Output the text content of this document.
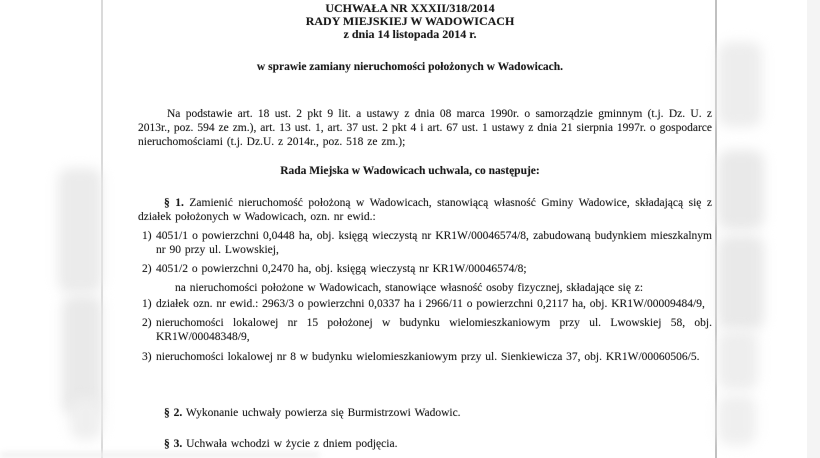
UCHWAŁA NR XXXII/318/2014
RADY MIEJSKIEJ W WADOWICACH
z dnia 14 listopada 2014 r.
w sprawie zamiany nieruchomości położonych w Wadowicach.
Na podstawie art. 18 ust. 2 pkt 9 lit. a ustawy z dnia 08 marca 1990r. o samorządzie gminnym (t.j. Dz. U. z 2013r., poz. 594 ze zm.), art. 13 ust. 1, art. 37 ust. 2 pkt 4 i art. 67 ust. 1 ustawy z dnia 21 sierpnia 1997r. o gospodarce nieruchomościami (t.j. Dz.U. z 2014r., poz. 518 ze zm.);
Rada Miejska w Wadowicach uchwala, co następuje:
§ 1. Zamienić nieruchomość położoną w Wadowicach, stanowiącą własność Gminy Wadowice, składającą się z działek położonych w Wadowicach, ozn. nr ewid.:
1) 4051/1 o powierzchni 0,0448 ha, obj. księgą wieczystą nr KR1W/00046574/8, zabudowaną budynkiem mieszkalnym nr 90 przy ul. Lwowskiej,
2) 4051/2 o powierzchni 0,2470 ha, obj. księgą wieczystą nr KR1W/00046574/8;
na nieruchomości położone w Wadowicach, stanowiące własność osoby fizycznej, składające się z:
1) działek ozn. nr ewid.: 2963/3 o powierzchni 0,0337 ha i 2966/11 o powierzchni 0,2117 ha, obj. KR1W/00009484/9,
2) nieruchomości lokalowej nr 15 położonej w budynku wielomieszkaniowym przy ul. Lwowskiej 58, obj. KR1W/00048348/9,
3) nieruchomości lokalowej nr 8 w budynku wielomieszkaniowym przy ul. Sienkiewicza 37, obj. KR1W/00060506/5.
§ 2. Wykonanie uchwały powierza się Burmistrzowi Wadowic.
§ 3. Uchwała wchodzi w życie z dniem podjęcia.
